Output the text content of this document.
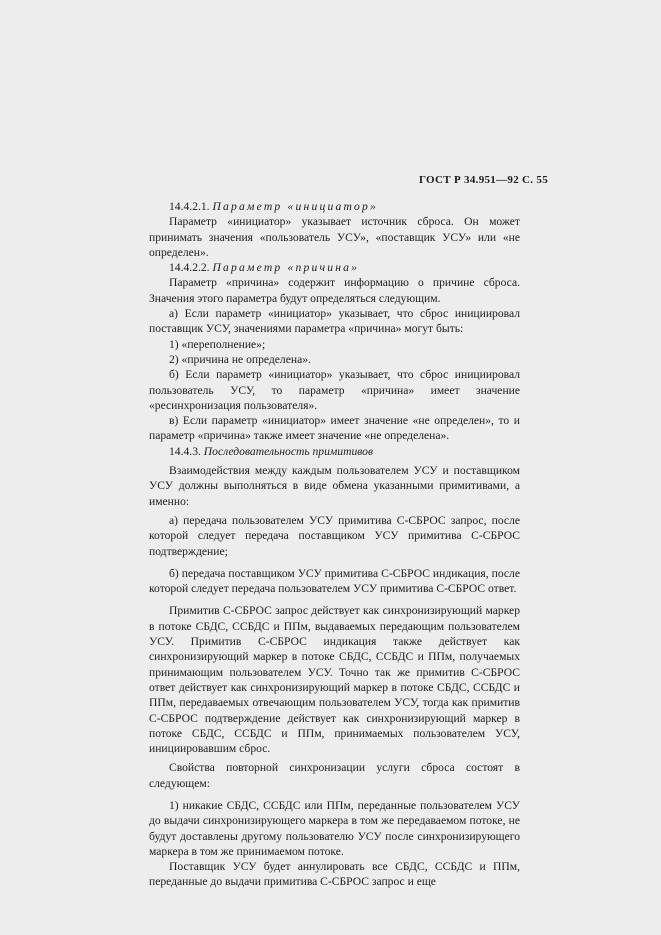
ГОСТ Р 34.951—92 С. 55

14.4.2.1. Параметр «инициатор»

Параметр «инициатор» указывает источник сброса. Он может принимать значения «пользователь УСУ», «поставщик УСУ» или «не определен».

14.4.2.2. Параметр «причина»

Параметр «причина» содержит информацию о причине сброса. Значения этого параметра будут определяться следующим.

а) Если параметр «инициатор» указывает, что сброс инициировал поставщик УСУ, значениями параметра «причина» могут быть:

1) «переполнение»;

2) «причина не определена».

б) Если параметр «инициатор» указывает, что сброс инициировал пользователь УСУ, то параметр «причина» имеет значение «ресинхронизация пользователя».

в) Если параметр «инициатор» имеет значение «не определен», то и параметр «причина» также имеет значение «не определена».

14.4.3. Последовательность примитивов

Взаимодействия между каждым пользователем УСУ и поставщиком УСУ должны выполняться в виде обмена указанными примитивами, а именно:

а) передача пользователем УСУ примитива С-СБРОС запрос, после которой следует передача поставщиком УСУ примитива С-СБРОС подтверждение;

б) передача поставщиком УСУ примитива С-СБРОС индикация, после которой следует передача пользователем УСУ примитива С-СБРОС ответ.

Примитив С-СБРОС запрос действует как синхронизирующий маркер в потоке СБДС, ССБДС и ППм, выдаваемых передающим пользователем УСУ. Примитив С-СБРОС индикация также действует как синхронизирующий маркер в потоке СБДС, ССБДС и ППм, получаемых принимающим пользователем УСУ. Точно так же примитив С-СБРОС ответ действует как синхронизирующий маркер в потоке СБДС, ССБДС и ППм, передаваемых отвечающим пользователем УСУ, тогда как примитив С-СБРОС подтверждение действует как синхронизирующий маркер в потоке СБДС, ССБДС и ППм, принимаемых пользователем УСУ, инициировавшим сброс.

Свойства повторной синхронизации услуги сброса состоят в следующем:

1) никакие СБДС, ССБДС или ППм, переданные пользователем УСУ до выдачи синхронизирующего маркера в том же передаваемом потоке, не будут доставлены другому пользователю УСУ после синхронизирующего маркера в том же принимаемом потоке.

Поставщик УСУ будет аннулировать все СБДС, ССБДС и ППм, переданные до выдачи примитива С-СБРОС запрос и еще
